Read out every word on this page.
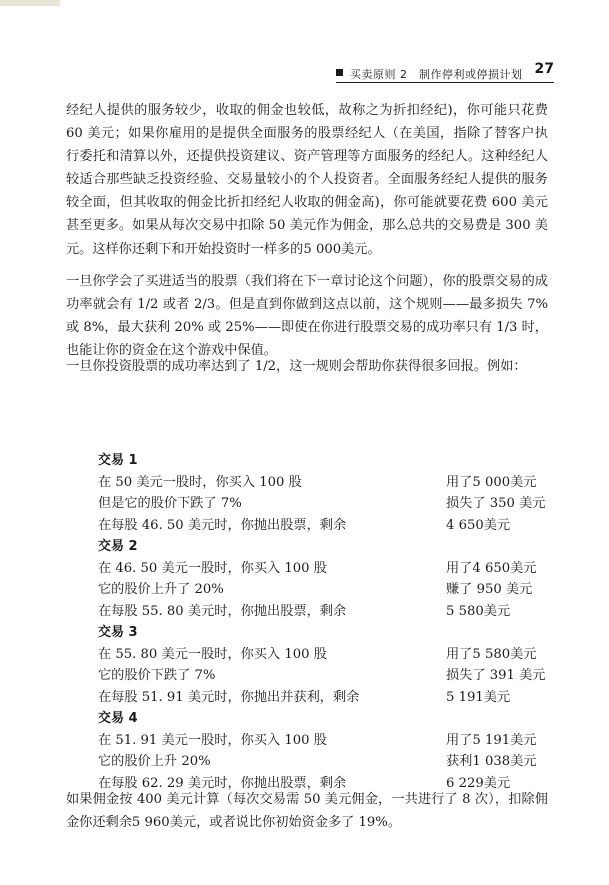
买卖原则 2　制作停利或停损计划 27

经纪人提供的服务较少，收取的佣金也较低，故称之为折扣经纪)，你可能只花费 60 美元；如果你雇用的是提供全面服务的股票经纪人（在美国，指除了替客户执行委托和清算以外，还提供投资建议、资产管理等方面服务的经纪人。这种经纪人较适合那些缺乏投资经验、交易量较小的个人投资者。全面服务经纪人提供的服务较全面，但其收取的佣金比折扣经纪人收取的佣金高)，你可能就要花费 600 美元甚至更多。如果从每次交易中扣除 50 美元作为佣金，那么总共的交易费是 300 美元。这样你还剩下和开始投资时一样多的5 000美元。

一旦你学会了买进适当的股票（我们将在下一章讨论这个问题），你的股票交易的成功率就会有 1/2 或者 2/3。但是直到你做到这点以前，这个规则——最多损失 7% 或 8%，最大获利 20% 或 25%——即使在你进行股票交易的成功率只有 1/3 时，也能让你的资金在这个游戏中保值。

一旦你投资股票的成功率达到了 1/2，这一规则会帮助你获得很多回报。例如：

交易 1
在 50 美元一股时，你买入 100 股	用了5 000美元
但是它的股价下跌了 7%	损失了 350 美元
在每股 46. 50 美元时，你抛出股票，剩余	4 650美元
交易 2
在 46. 50 美元一股时，你买入 100 股	用了4 650美元
它的股价上升了 20%	赚了 950 美元
在每股 55. 80 美元时，你抛出股票，剩余	5 580美元
交易 3
在 55. 80 美元一股时，你买入 100 股	用了5 580美元
它的股价下跌了 7%	损失了 391 美元
在每股 51. 91 美元时，你抛出并获利，剩余	5 191美元
交易 4
在 51. 91 美元一股时，你买入 100 股	用了5 191美元
它的股价上升 20%	获利1 038美元
在每股 62. 29 美元时，你抛出股票，剩余	6 229美元

如果佣金按 400 美元计算（每次交易需 50 美元佣金，一共进行了 8 次），扣除佣金你还剩余5 960美元，或者说比你初始资金多了 19%。
